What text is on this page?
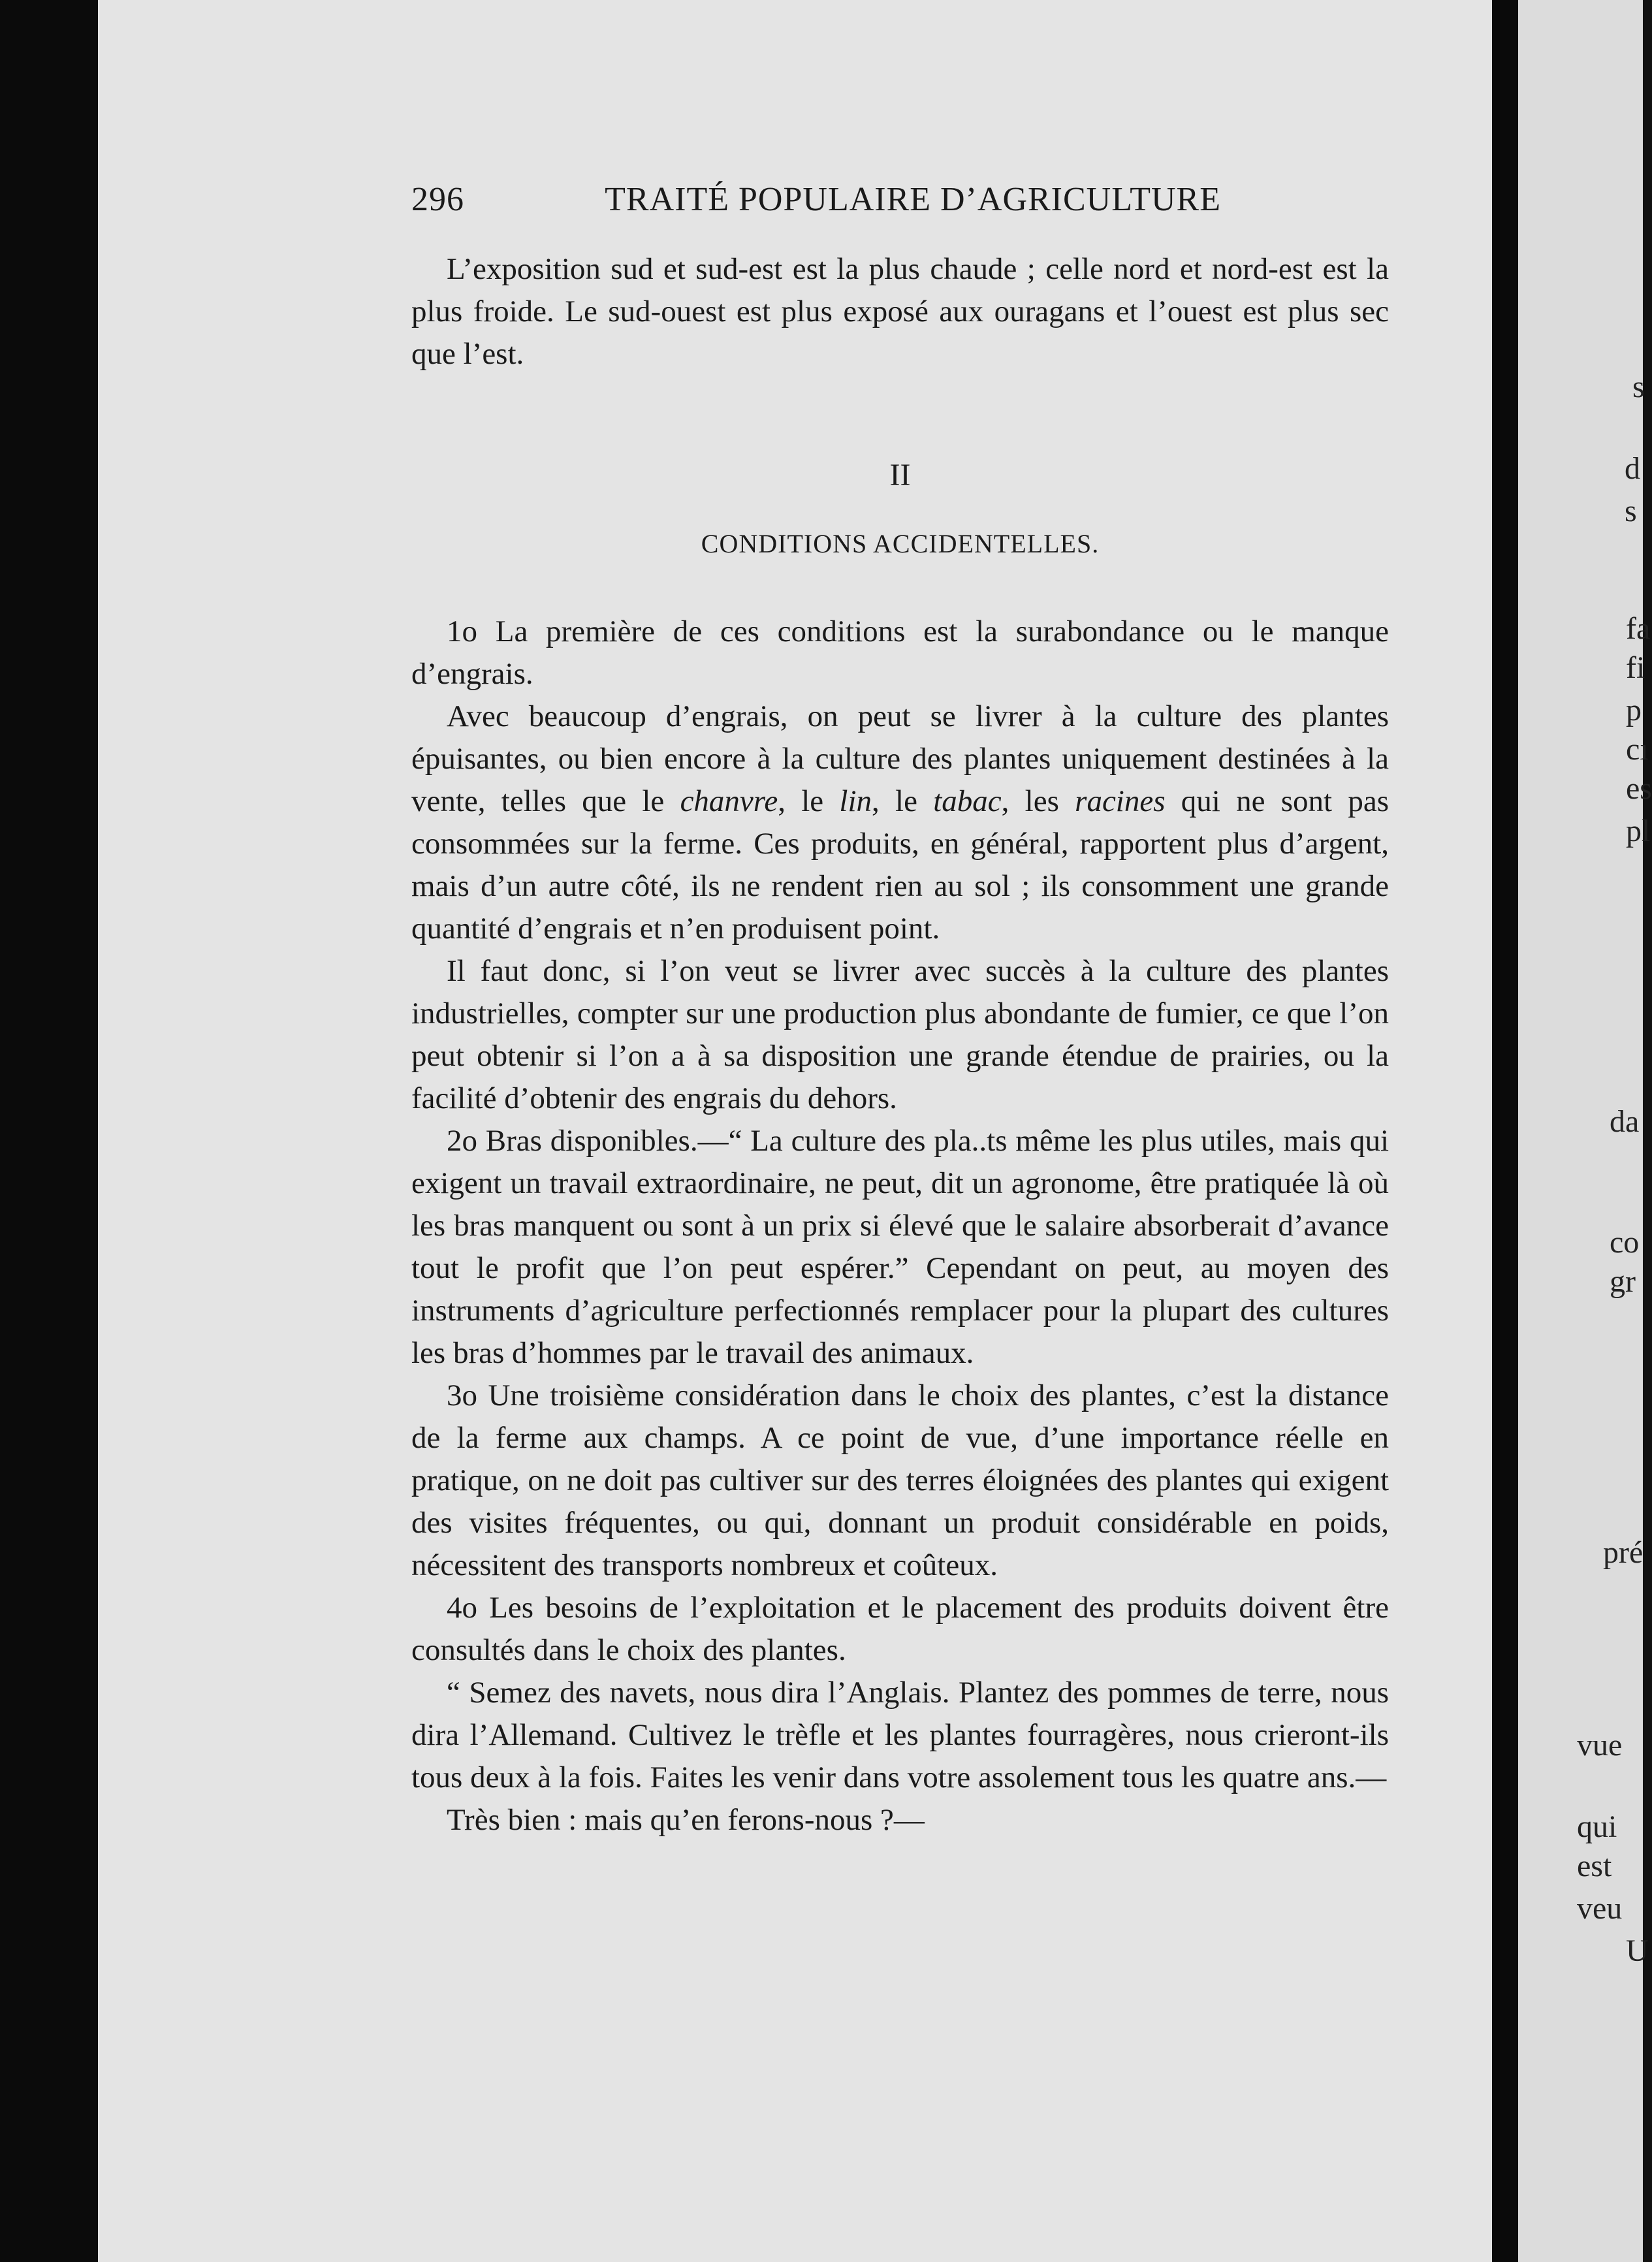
296	TRAITÉ POPULAIRE D’AGRICULTURE

L’exposition sud et sud-est est la plus chaude ; celle nord et nord-est est la plus froide. Le sud-ouest est plus exposé aux ouragans et l’ouest est plus sec que l’est.

II

CONDITIONS ACCIDENTELLES.

1o La première de ces conditions est la surabondance ou le manque d’engrais.

Avec beaucoup d’engrais, on peut se livrer à la culture des plantes épuisantes, ou bien encore à la culture des plantes uniquement destinées à la vente, telles que le chanvre, le lin, le tabac, les racines qui ne sont pas consommées sur la ferme. Ces produits, en général, rapportent plus d’argent, mais d’un autre côté, ils ne rendent rien au sol ; ils consomment une grande quantité d’engrais et n’en produisent point.

Il faut donc, si l’on veut se livrer avec succès à la culture des plantes industrielles, compter sur une production plus abondante de fumier, ce que l’on peut obtenir si l’on a à sa disposition une grande étendue de prairies, ou la facilité d’obtenir des engrais du dehors.

2o Bras disponibles.—“ La culture des pla..ts même les plus utiles, mais qui exigent un travail extraordinaire, ne peut, dit un agronome, être pratiquée là où les bras manquent ou sont à un prix si élevé que le salaire absorberait d’avance tout le profit que l’on peut espérer.” Cependant on peut, au moyen des instruments d’agriculture perfectionnés remplacer pour la plupart des cultures les bras d’hommes par le travail des animaux.

3o Une troisième considération dans le choix des plantes, c’est la distance de la ferme aux champs. A ce point de vue, d’une importance réelle en pratique, on ne doit pas cultiver sur des terres éloignées des plantes qui exigent des visites fréquentes, ou qui, donnant un produit considérable en poids, nécessitent des transports nombreux et coûteux.

4o Les besoins de l’exploitation et le placement des produits doivent être consultés dans le choix des plantes.

“ Semez des navets, nous dira l’Anglais. Plantez des pommes de terre, nous dira l’Allemand. Cultivez le trèfle et les plantes fourragères, nous crieront-ils tous deux à la fois. Faites les venir dans votre assolement tous les quatre ans.—

Très bien : mais qu’en ferons-nous ?—

s
d
s
fa
fi
p
cı
es
pl
da
co
gr
pré
vue
qui
est
veu
U
